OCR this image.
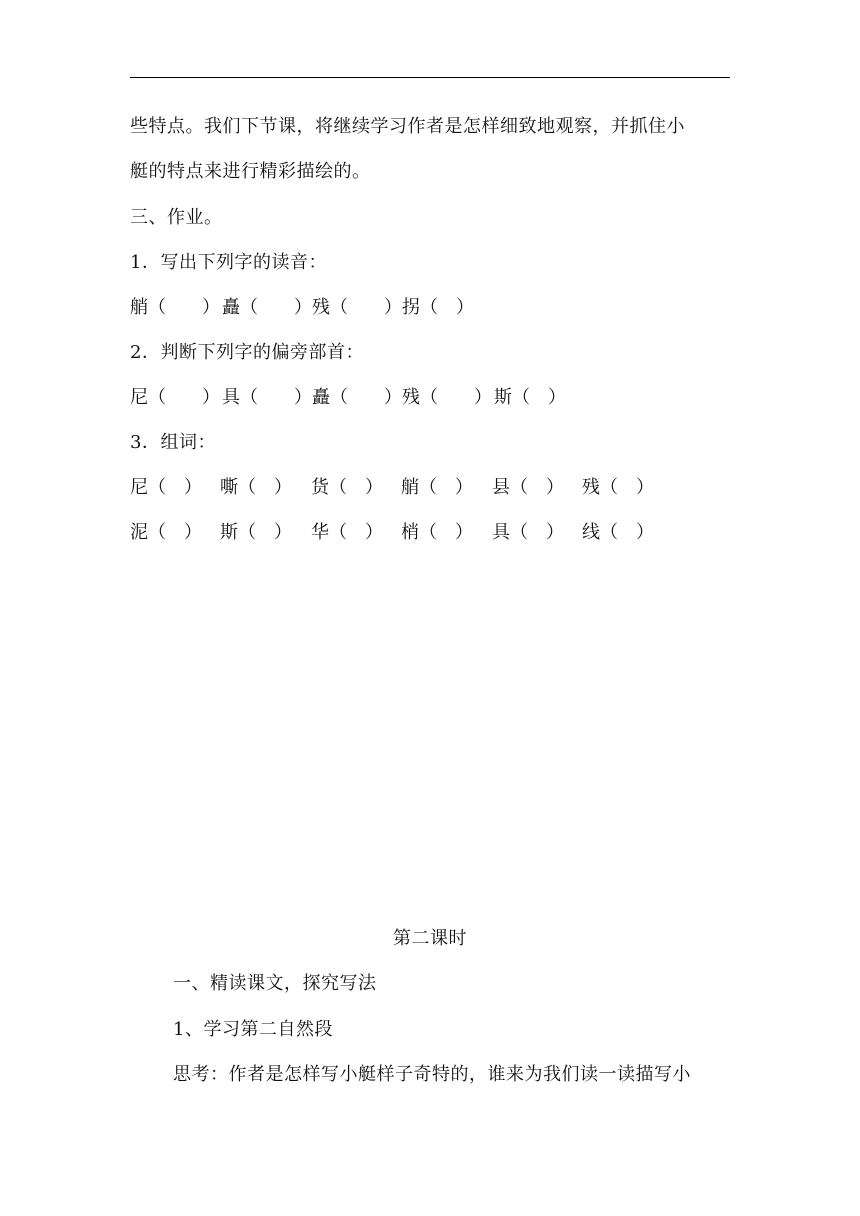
些特点。我们下节课，将继续学习作者是怎样细致地观察，并抓住小
艇的特点来进行精彩描绘的。
三、作业。
1．写出下列字的读音：
艄（　　） 矗（　　） 残（　　） 拐（　）
2．判断下列字的偏旁部首：
尼（　　） 具（　　） 矗（　　） 残（　　） 斯（　）
3．组词：
尼（　） 嘶（　） 货（　） 艄（　） 县（　） 残（　）
泥（　） 斯（　） 华（　） 梢（　） 具（　） 线（　）
第二课时
一、精读课文，探究写法
1、学习第二自然段
思考：作者是怎样写小艇样子奇特的，谁来为我们读一读描写小
